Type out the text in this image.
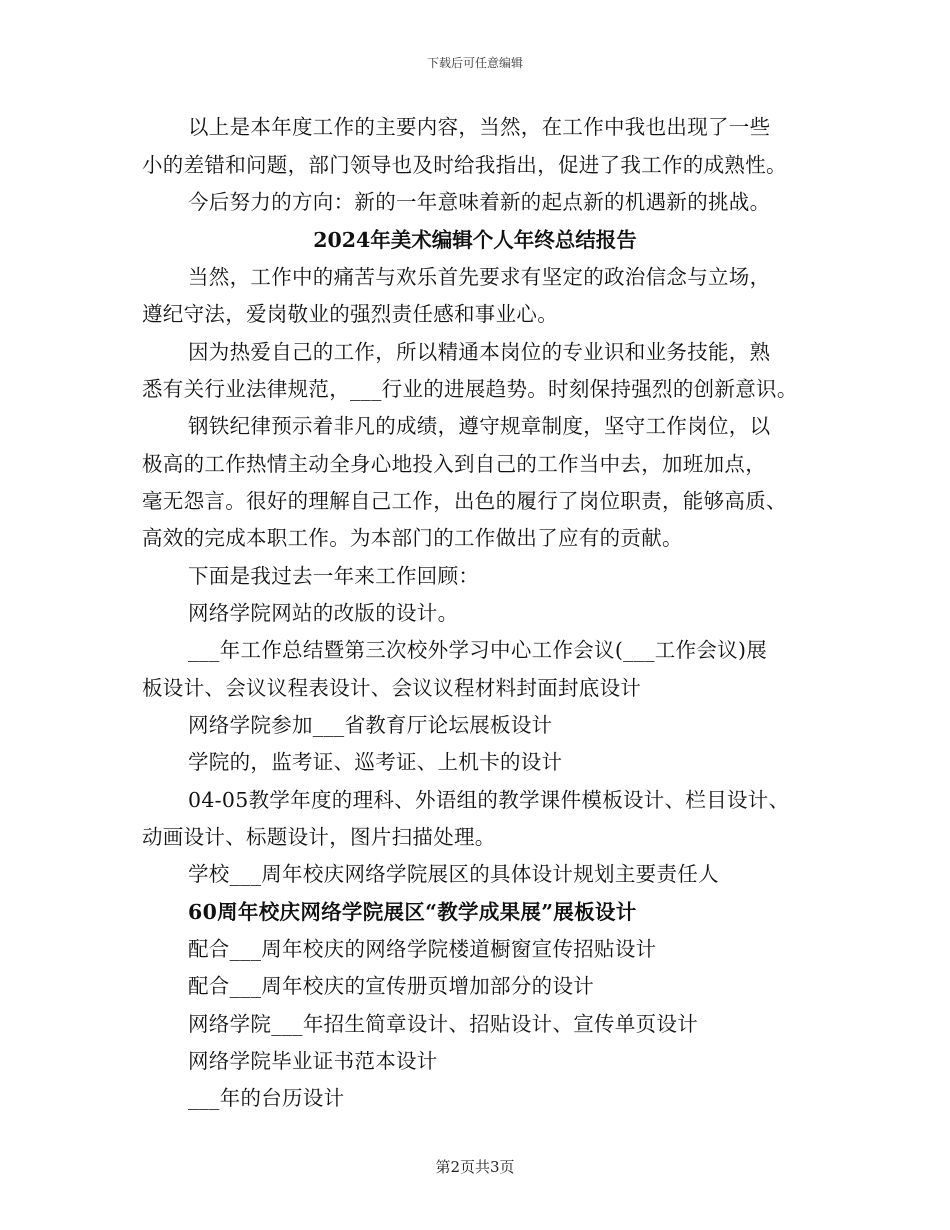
下载后可任意编辑
以上是本年度工作的主要内容，当然，在工作中我也出现了一些
小的差错和问题，部门领导也及时给我指出，促进了我工作的成熟性。
今后努力的方向：新的一年意味着新的起点新的机遇新的挑战。
2024年美术编辑个人年终总结报告
当然，工作中的痛苦与欢乐首先要求有坚定的政治信念与立场，
遵纪守法，爱岗敬业的强烈责任感和事业心。
因为热爱自己的工作，所以精通本岗位的专业识和业务技能，熟
悉有关行业法律规范，___行业的进展趋势。时刻保持强烈的创新意识。
钢铁纪律预示着非凡的成绩，遵守规章制度，坚守工作岗位，以
极高的工作热情主动全身心地投入到自己的工作当中去，加班加点，
毫无怨言。很好的理解自己工作，出色的履行了岗位职责，能够高质、
高效的完成本职工作。为本部门的工作做出了应有的贡献。
下面是我过去一年来工作回顾：
网络学院网站的改版的设计。
___年工作总结暨第三次校外学习中心工作会议(___工作会议)展
板设计、会议议程表设计、会议议程材料封面封底设计
网络学院参加___省教育厅论坛展板设计
学院的，监考证、巡考证、上机卡的设计
04-05教学年度的理科、外语组的教学课件模板设计、栏目设计、
动画设计、标题设计，图片扫描处理。
学校___周年校庆网络学院展区的具体设计规划主要责任人
60周年校庆网络学院展区“教学成果展”展板设计
配合___周年校庆的网络学院楼道橱窗宣传招贴设计
配合___周年校庆的宣传册页增加部分的设计
网络学院___年招生简章设计、招贴设计、宣传单页设计
网络学院毕业证书范本设计
___年的台历设计
第2页共3页
